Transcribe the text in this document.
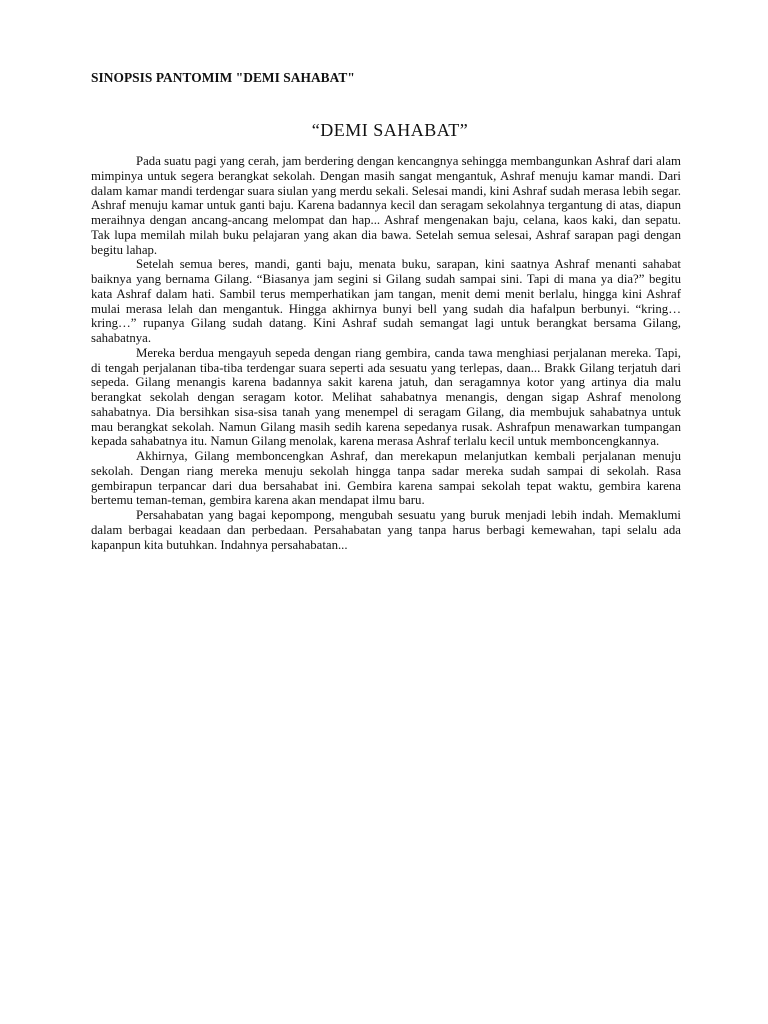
SINOPSIS PANTOMIM "DEMI SAHABAT"
“DEMI SAHABAT”

Pada suatu pagi yang cerah, jam berdering dengan kencangnya sehingga membangunkan Ashraf dari alam mimpinya untuk segera berangkat sekolah. Dengan masih sangat mengantuk, Ashraf menuju kamar mandi. Dari dalam kamar mandi terdengar suara siulan yang merdu sekali. Selesai mandi, kini Ashraf sudah merasa lebih segar. Ashraf menuju kamar untuk ganti baju. Karena badannya kecil dan seragam sekolahnya tergantung di atas, diapun meraihnya dengan ancang-ancang melompat dan hap... Ashraf mengenakan baju, celana, kaos kaki, dan sepatu. Tak lupa memilah milah buku pelajaran yang akan dia bawa. Setelah semua selesai, Ashraf sarapan pagi dengan begitu lahap.

Setelah semua beres, mandi, ganti baju, menata buku, sarapan, kini saatnya Ashraf menanti sahabat baiknya yang bernama Gilang. “Biasanya jam segini si Gilang sudah sampai sini. Tapi di mana ya dia?” begitu kata Ashraf dalam hati. Sambil terus memperhatikan jam tangan, menit demi menit berlalu, hingga kini Ashraf mulai merasa lelah dan mengantuk. Hingga akhirnya bunyi bell yang sudah dia hafalpun berbunyi. “kring…kring…” rupanya Gilang sudah datang. Kini Ashraf sudah semangat lagi untuk berangkat bersama Gilang, sahabatnya.

Mereka berdua mengayuh sepeda dengan riang gembira, canda tawa menghiasi perjalanan mereka. Tapi, di tengah perjalanan tiba-tiba terdengar suara seperti ada sesuatu yang terlepas, daan... Brakk Gilang terjatuh dari sepeda. Gilang menangis karena badannya sakit karena jatuh, dan seragamnya kotor yang artinya dia malu berangkat sekolah dengan seragam kotor. Melihat sahabatnya menangis, dengan sigap Ashraf menolong sahabatnya. Dia bersihkan sisa-sisa tanah yang menempel di seragam Gilang, dia membujuk sahabatnya untuk mau berangkat sekolah. Namun Gilang masih sedih karena sepedanya rusak. Ashrafpun menawarkan tumpangan kepada sahabatnya itu. Namun Gilang menolak, karena merasa Ashraf terlalu kecil untuk memboncengkannya.

Akhirnya, Gilang memboncengkan Ashraf, dan merekapun melanjutkan kembali perjalanan menuju sekolah. Dengan riang mereka menuju sekolah hingga tanpa sadar mereka sudah sampai di sekolah. Rasa gembirapun terpancar dari dua bersahabat ini. Gembira karena sampai sekolah tepat waktu, gembira karena bertemu teman-teman, gembira karena akan mendapat ilmu baru.

Persahabatan yang bagai kepompong, mengubah sesuatu yang buruk menjadi lebih indah. Memaklumi dalam berbagai keadaan dan perbedaan. Persahabatan yang tanpa harus berbagi kemewahan, tapi selalu ada kapanpun kita butuhkan. Indahnya persahabatan...
